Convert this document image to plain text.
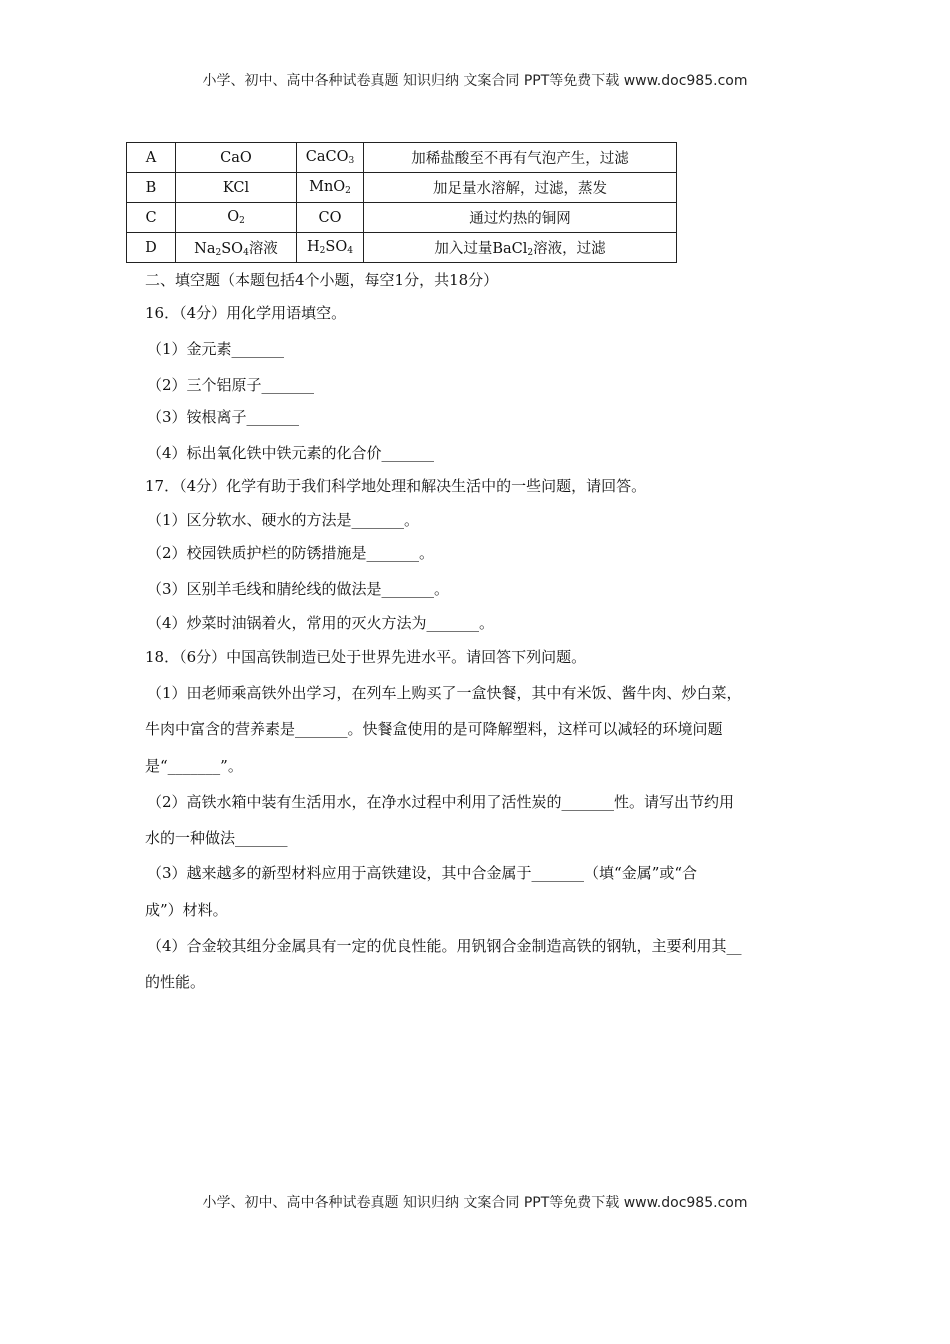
小学、初中、高中各种试卷真题 知识归纳 文案合同 PPT等免费下载 www.doc985.com
A	CaO	CaCO$_3$	加稀盐酸至不再有气泡产生，过滤
B	KCl	MnO$_2$	加足量水溶解，过滤，蒸发
C	$O_2$	CO	通过灼热的铜网
D	$Na_2SO_4$溶液	$H_2SO_4$	加入过量BaCl$_2$溶液，过滤
二、填空题（本题包括4个小题，每空1分，共18分）
16．（4分）用化学用语填空。
（1）金元素_______
（2）三个铝原子_______
（3）铵根离子_______
（4）标出氧化铁中铁元素的化合价_______
17．（4分）化学有助于我们科学地处理和解决生活中的一些问题，请回答。
（1）区分软水、硬水的方法是_______。
（2）校园铁质护栏的防锈措施是_______。
（3）区别羊毛线和腈纶线的做法是_______。
（4）炒菜时油锅着火，常用的灭火方法为_______。
18．（6分）中国高铁制造已处于世界先进水平。请回答下列问题。
（1）田老师乘高铁外出学习，在列车上购买了一盒快餐，其中有米饭、酱牛肉、炒白菜，
牛肉中富含的营养素是_______。快餐盒使用的是可降解塑料，这样可以减轻的环境问题
是“_______”。
（2）高铁水箱中装有生活用水，在净水过程中利用了活性炭的_______性。请写出节约用
水的一种做法_______
（3）越来越多的新型材料应用于高铁建设，其中合金属于_______（填“金属”或“合
成”）材料。
（4）合金较其组分金属具有一定的优良性能。用钒钢合金制造高铁的钢轨，主要利用其__
的性能。
小学、初中、高中各种试卷真题 知识归纳 文案合同 PPT等免费下载 www.doc985.com
